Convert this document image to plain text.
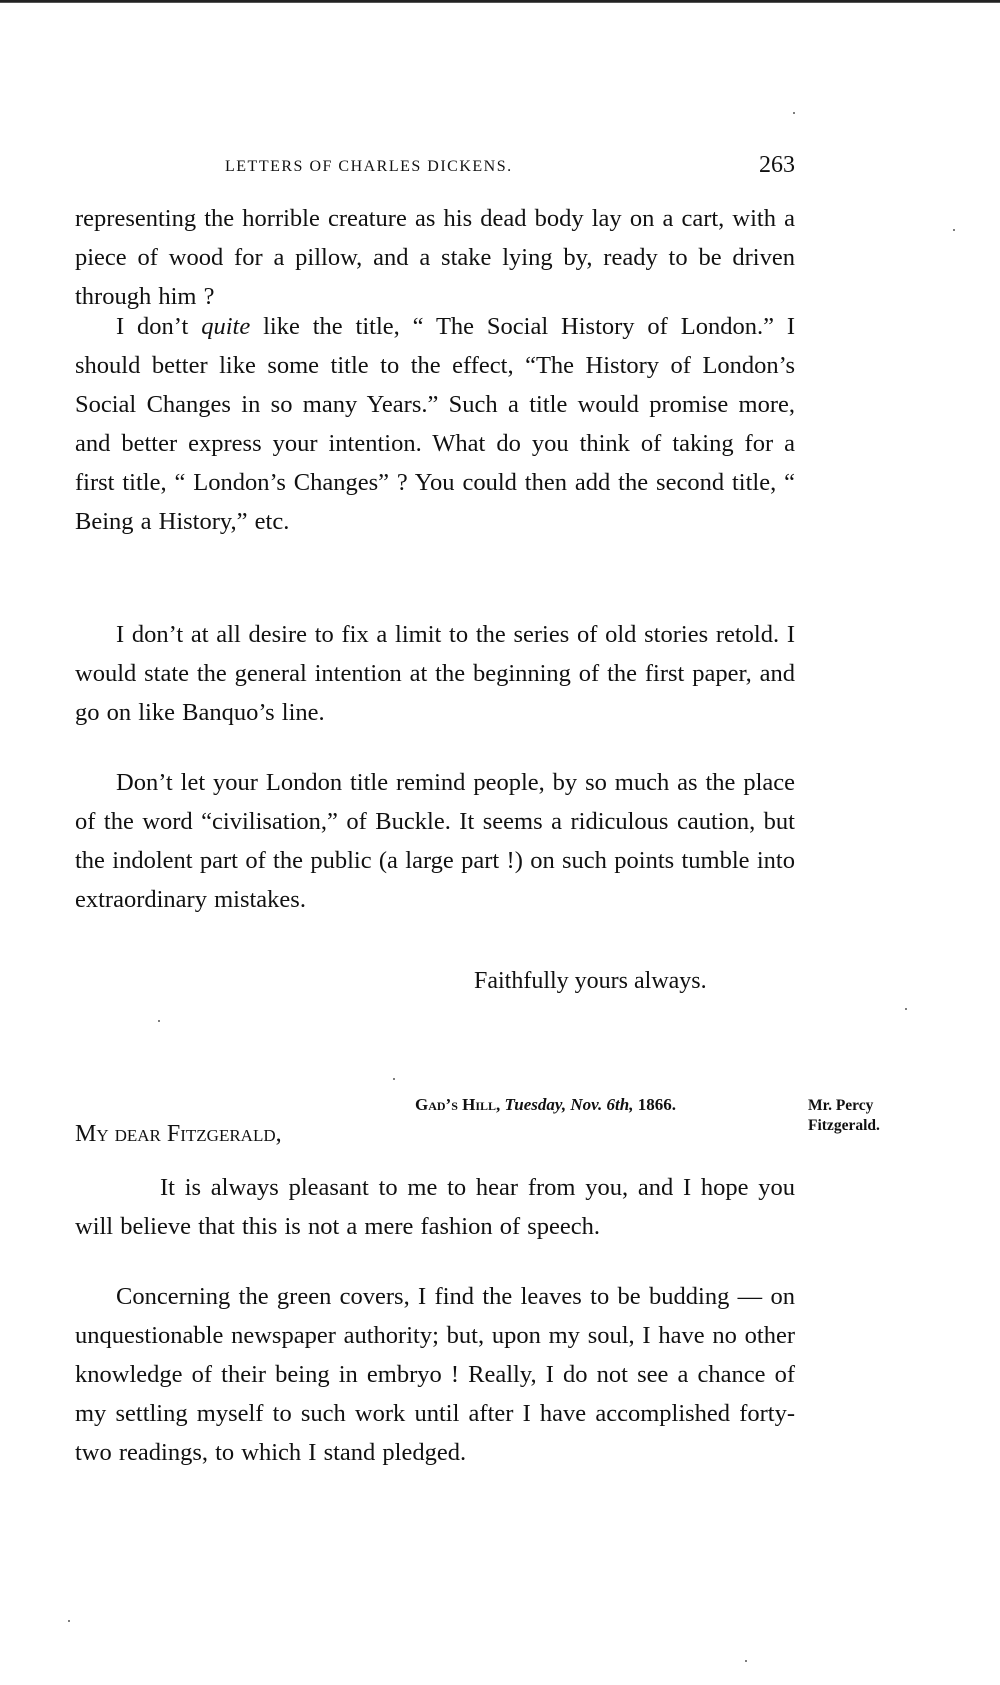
LETTERS OF CHARLES DICKENS.	263

representing the horrible creature as his dead body lay on a cart, with a piece of wood for a pillow, and a stake lying by, ready to be driven through him ?

I don’t quite like the title, “ The Social History of London.” I should better like some title to the effect, “The History of London’s Social Changes in so many Years.” Such a title would promise more, and better express your intention. What do you think of taking for a first title, “ London’s Changes” ? You could then add the second title, “ Being a History,” etc.

I don’t at all desire to fix a limit to the series of old stories retold. I would state the general intention at the beginning of the first paper, and go on like Banquo’s line.

Don’t let your London title remind people, by so much as the place of the word “civilisation,” of Buckle. It seems a ridiculous caution, but the indolent part of the public (a large part !) on such points tumble into extraordinary mistakes.

Faithfully yours always.
Gad’s Hill, Tuesday, Nov. 6th, 1866.	Mr. Percy
Fitzgerald.
My dear Fitzgerald,

It is always pleasant to me to hear from you, and I hope you will believe that this is not a mere fashion of speech.

Concerning the green covers, I find the leaves to be budding — on unquestionable newspaper authority; but, upon my soul, I have no other knowledge of their being in embryo ! Really, I do not see a chance of my settling myself to such work until after I have accomplished forty-two readings, to which I stand pledged.
